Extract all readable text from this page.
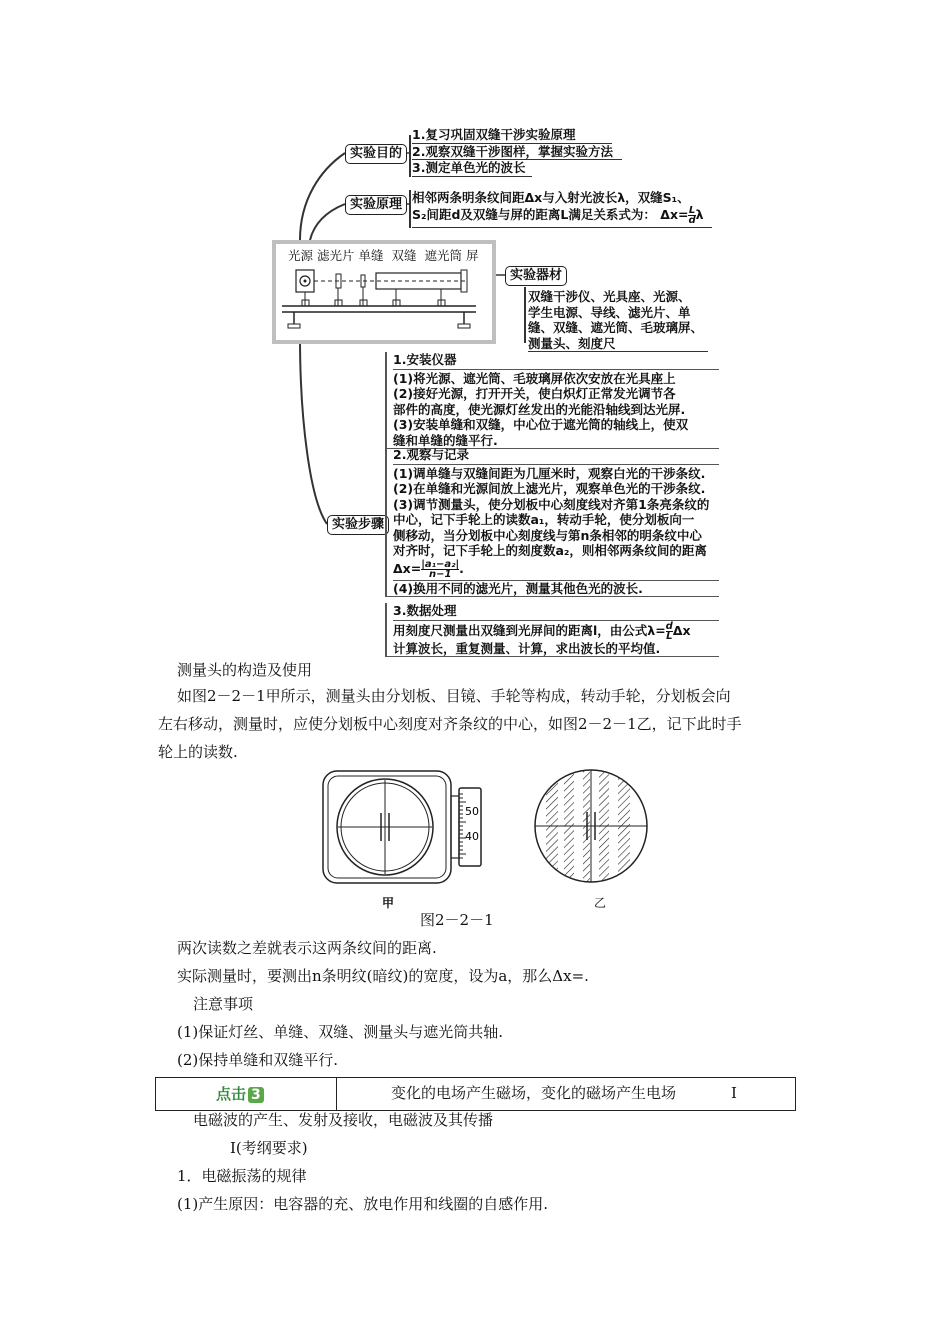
实验目的
1.复习巩固双缝干涉实验原理
2.观察双缝干涉图样，掌握实验方法
3.测定单色光的波长
实验原理 相邻两条明条纹间距Δx与入射光波长λ，双缝S₁、
S₂间距d及双缝与屏的距离L满足关系式为： $\Delta x= \frac{L}{d}\lambda$
光源 滤光片 单缝 双缝 遮光筒 屏
实验器材
双缝干涉仪、光具座、光源、
学生电源、导线、滤光片、单
缝、双缝、遮光筒、毛玻璃屏、
测量头、刻度尺
实验步骤
1.安装仪器
(1)将光源、遮光筒、毛玻璃屏依次安放在光具座上
(2)接好光源，打开开关，使白炽灯正常发光调节各
部件的高度，使光源灯丝发出的光能沿轴线到达光屏.
(3)安装单缝和双缝，中心位于遮光筒的轴线上，使双
缝和单缝的缝平行.
2.观察与记录
(1)调单缝与双缝间距为几厘米时，观察白光的干涉条纹.
(2)在单缝和光源间放上滤光片，观察单色光的干涉条纹.
(3)调节测量头，使分划板中心刻度线对齐第1条亮条纹的
中心，记下手轮上的读数a₁，转动手轮，使分划板向一
侧移动，当分划板中心刻度线与第n条相邻的明条纹中心
对齐时，记下手轮上的刻度数a₂，则相邻两条纹间的距离
$\Delta x= \frac{\text{|a₁−a₂|}}{n-1}$.
(4)换用不同的滤光片，测量其他色光的波长.
3.数据处理
用刻度尺测量出双缝到光屏间的距离l，由公式$\lambda= \frac{d}{L}\Delta x$
计算波长，重复测量、计算，求出波长的平均值.
测量头的构造及使用
如图2－2－1甲所示，测量头由分划板、目镜、手轮等构成，转动手轮，分划板会向
左右移动，测量时，应使分划板中心刻度对齐条纹的中心，如图2－2－1乙，记下此时手
轮上的读数.
50
40
甲	乙
图2－2－1
两次读数之差就表示这两条纹间的距离.
实际测量时，要测出n条明纹(暗纹)的宽度，设为a，那么Δx=.
注意事项
(1)保证灯丝、单缝、双缝、测量头与遮光筒共轴.
(2)保持单缝和双缝平行.
点击 3	变化的电场产生磁场，变化的磁场产生电场	Ⅰ
电磁波的产生、发射及接收，电磁波及其传播
Ⅰ(考纲要求)
1．电磁振荡的规律
(1)产生原因：电容器的充、放电作用和线圈的自感作用.
